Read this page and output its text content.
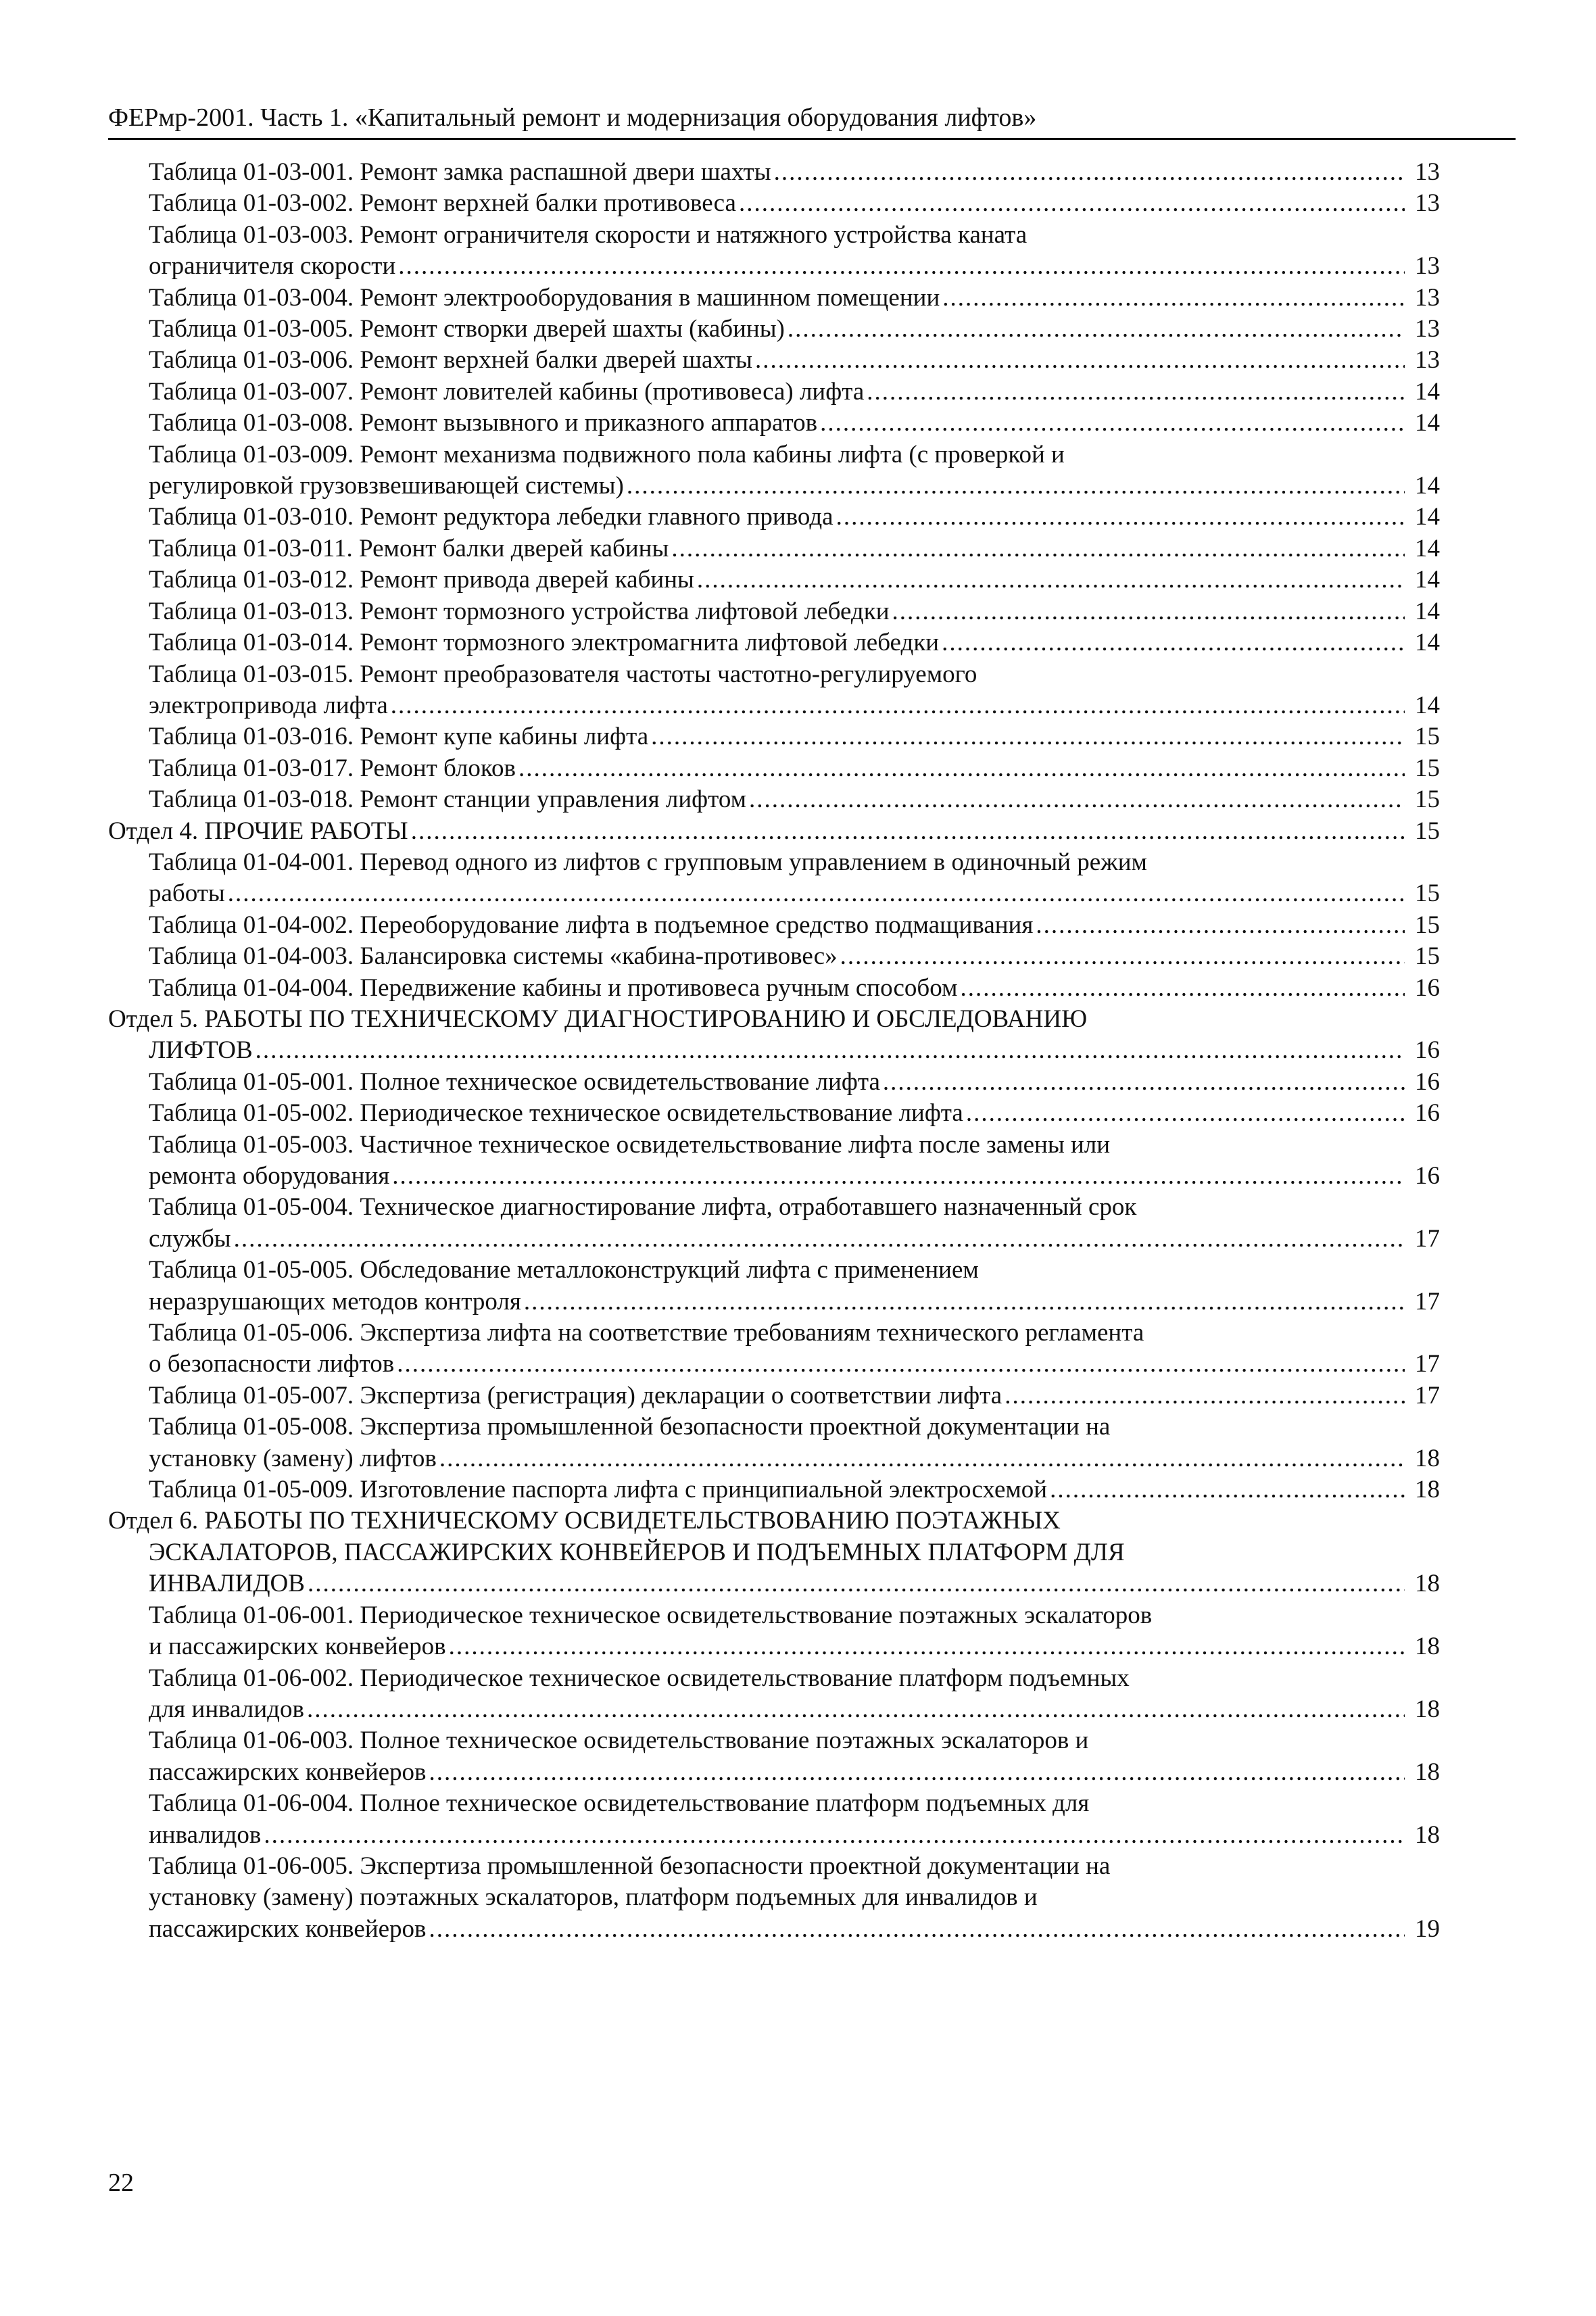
ФЕРмр-2001. Часть 1. «Капитальный ремонт и модернизация оборудования лифтов»
Таблица 01-03-001. Ремонт замка распашной двери шахты .....	13
Таблица 01-03-002. Ремонт верхней балки противовеса .....	13
Таблица 01-03-003. Ремонт ограничителя скорости и натяжного устройства каната
ограничителя скорости .....	13
Таблица 01-03-004. Ремонт электрооборудования в машинном помещении .....	13
Таблица 01-03-005. Ремонт створки дверей шахты (кабины) .....	13
Таблица 01-03-006. Ремонт верхней балки дверей шахты .....	13
Таблица 01-03-007. Ремонт ловителей кабины (противовеса) лифта .....	14
Таблица 01-03-008. Ремонт вызывного и приказного аппаратов .....	14
Таблица 01-03-009. Ремонт механизма подвижного пола кабины лифта (с проверкой и
регулировкой грузовзвешивающей системы) .....	14
Таблица 01-03-010. Ремонт редуктора лебедки главного привода .....	14
Таблица 01-03-011. Ремонт балки дверей кабины .....	14
Таблица 01-03-012. Ремонт привода дверей кабины .....	14
Таблица 01-03-013. Ремонт тормозного устройства лифтовой лебедки .....	14
Таблица 01-03-014. Ремонт тормозного электромагнита лифтовой лебедки .....	14
Таблица 01-03-015. Ремонт преобразователя частоты частотно-регулируемого
электропривода лифта .....	14
Таблица 01-03-016. Ремонт купе кабины лифта .....	15
Таблица 01-03-017. Ремонт блоков .....	15
Таблица 01-03-018. Ремонт станции управления лифтом .....	15
Отдел 4. ПРОЧИЕ РАБОТЫ .....	15
Таблица 01-04-001. Перевод одного из лифтов с групповым управлением в одиночный режим
работы .....	15
Таблица 01-04-002. Переоборудование лифта в подъемное средство подмащивания .....	15
Таблица 01-04-003. Балансировка системы «кабина-противовес» .....	15
Таблица 01-04-004. Передвижение кабины и противовеса ручным способом .....	16
Отдел 5. РАБОТЫ ПО ТЕХНИЧЕСКОМУ ДИАГНОСТИРОВАНИЮ И ОБСЛЕДОВАНИЮ
ЛИФТОВ .....	16
Таблица 01-05-001. Полное техническое освидетельствование лифта .....	16
Таблица 01-05-002. Периодическое техническое освидетельствование лифта .....	16
Таблица 01-05-003. Частичное техническое освидетельствование лифта после замены или
ремонта оборудования .....	16
Таблица 01-05-004. Техническое диагностирование лифта, отработавшего назначенный срок
службы .....	17
Таблица 01-05-005. Обследование металлоконструкций лифта с применением
неразрушающих методов контроля .....	17
Таблица 01-05-006. Экспертиза лифта на соответствие требованиям технического регламента
о безопасности лифтов .....	17
Таблица 01-05-007. Экспертиза (регистрация) декларации о соответствии лифта .....	17
Таблица 01-05-008. Экспертиза промышленной безопасности проектной документации на
установку (замену) лифтов .....	18
Таблица 01-05-009. Изготовление паспорта лифта с принципиальной электросхемой .....	18
Отдел 6. РАБОТЫ ПО ТЕХНИЧЕСКОМУ ОСВИДЕТЕЛЬСТВОВАНИЮ ПОЭТАЖНЫХ
ЭСКАЛАТОРОВ, ПАССАЖИРСКИХ КОНВЕЙЕРОВ И ПОДЪЕМНЫХ ПЛАТФОРМ ДЛЯ
ИНВАЛИДОВ .....	18
Таблица 01-06-001. Периодическое техническое освидетельствование поэтажных эскалаторов
и пассажирских конвейеров .....	18
Таблица 01-06-002. Периодическое техническое освидетельствование платформ подъемных
для инвалидов .....	18
Таблица 01-06-003. Полное техническое освидетельствование поэтажных эскалаторов и
пассажирских конвейеров .....	18
Таблица 01-06-004. Полное техническое освидетельствование платформ подъемных для
инвалидов .....	18
Таблица 01-06-005. Экспертиза промышленной безопасности проектной документации на
установку (замену) поэтажных эскалаторов, платформ подъемных для инвалидов и
пассажирских конвейеров .....	19
22
